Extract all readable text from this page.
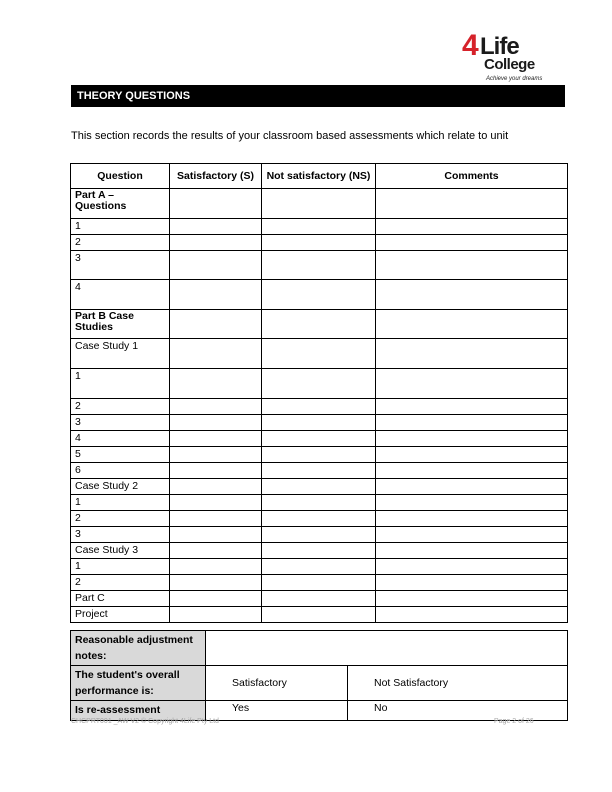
4 Life
College
Achieve your dreams
THEORY QUESTIONS
This section records the results of your classroom based assessments which relate to unit
Question	Satisfactory (S)	Not satisfactory (NS)	Comments
Part A – Questions			
1			
2			
3			
4			
Part B Case Studies			
Case Study 1			
1			
2			
3			
4			
5			
6			
Case Study 2			
1			
2			
3			
Case Study 3			
1			
2			
Part C			
Project			
Reasonable adjustment notes:		
The student's overall performance is:	Satisfactory	Not Satisfactory
Is re-assessment	Yes	No
CHCPRT001 _AW V2 © Copyright 4Life Pty Ltd	Page 2 of 26
